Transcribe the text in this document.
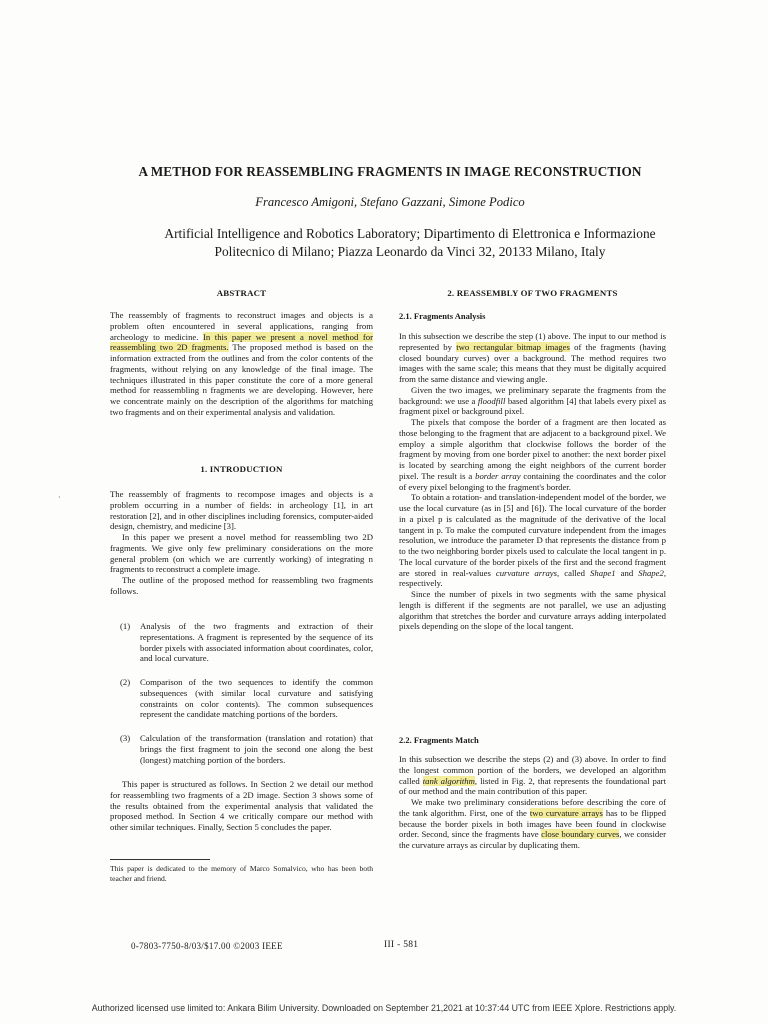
A METHOD FOR REASSEMBLING FRAGMENTS IN IMAGE RECONSTRUCTION
Francesco Amigoni, Stefano Gazzani, Simone Podico
Artificial Intelligence and Robotics Laboratory; Dipartimento di Elettronica e Informazione
Politecnico di Milano; Piazza Leonardo da Vinci 32, 20133 Milano, Italy
ABSTRACT

The reassembly of fragments to reconstruct images and objects is a problem often encountered in several applications, ranging from archeology to medicine. In this paper we present a novel method for reassembling two 2D fragments. The proposed method is based on the information extracted from the outlines and from the color contents of the fragments, without relying on any knowledge of the final image. The techniques illustrated in this paper constitute the core of a more general method for reassembling n fragments we are developing. However, here we concentrate mainly on the description of the algorithms for matching two fragments and on their experimental analysis and validation.

1. INTRODUCTION

The reassembly of fragments to recompose images and objects is a problem occurring in a number of fields: in archeology [1], in art restoration [2], and in other disciplines including forensics, computer-aided design, chemistry, and medicine [3].

In this paper we present a novel method for reassembling two 2D fragments. We give only few preliminary considerations on the more general problem (on which we are currently working) of integrating n fragments to reconstruct a complete image.

The outline of the proposed method for reassembling two fragments follows.

(1) Analysis of the two fragments and extraction of their representations. A fragment is represented by the sequence of its border pixels with associated information about coordinates, color, and local curvature.
(2) Comparison of the two sequences to identify the common subsequences (with similar local curvature and satisfying constraints on color contents). The common subsequences represent the candidate matching portions of the borders.
(3) Calculation of the transformation (translation and rotation) that brings the first fragment to join the second one along the best (longest) matching portion of the borders.

This paper is structured as follows. In Section 2 we detail our method for reassembling two fragments of a 2D image. Section 3 shows some of the results obtained from the experimental analysis that validated the proposed method. In Section 4 we critically compare our method with other similar techniques. Finally, Section 5 concludes the paper.

This paper is dedicated to the memory of Marco Somalvico, who has been both teacher and friend.
2. REASSEMBLY OF TWO FRAGMENTS
2.1. Fragments Analysis

In this subsection we describe the step (1) above. The input to our method is represented by two rectangular bitmap images of the fragments (having closed boundary curves) over a background. The method requires two images with the same scale; this means that they must be digitally acquired from the same distance and viewing angle.

Given the two images, we preliminary separate the fragments from the background: we use a floodfill based algorithm [4] that labels every pixel as fragment pixel or background pixel.

The pixels that compose the border of a fragment are then located as those belonging to the fragment that are adjacent to a background pixel. We employ a simple algorithm that clockwise follows the border of the fragment by moving from one border pixel to another: the next border pixel is located by searching among the eight neighbors of the current border pixel. The result is a border array containing the coordinates and the color of every pixel belonging to the fragment's border.

To obtain a rotation- and translation-independent model of the border, we use the local curvature (as in [5] and [6]). The local curvature of the border in a pixel p is calculated as the magnitude of the derivative of the local tangent in p. To make the computed curvature independent from the images resolution, we introduce the parameter D that represents the distance from p to the two neighboring border pixels used to calculate the local tangent in p. The local curvature of the border pixels of the first and the second fragment are stored in real-values curvature arrays, called Shape1 and Shape2, respectively.

Since the number of pixels in two segments with the same physical length is different if the segments are not parallel, we use an adjusting algorithm that stretches the border and curvature arrays adding interpolated pixels depending on the slope of the local tangent.

2.2. Fragments Match

In this subsection we describe the steps (2) and (3) above. In order to find the longest common portion of the borders, we developed an algorithm called tank algorithm, listed in Fig. 2, that represents the foundational part of our method and the main contribution of this paper.

We make two preliminary considerations before describing the core of the tank algorithm. First, one of the two curvature arrays has to be flipped because the border pixels in both images have been found in clockwise order. Second, since the fragments have close boundary curves, we consider the curvature arrays as circular by duplicating them.

0-7803-7750-8/03/$17.00 ©2003 IEEE	III - 581
Authorized licensed use limited to: Ankara Bilim University. Downloaded on September 21,2021 at 10:37:44 UTC from IEEE Xplore. Restrictions apply.
·
